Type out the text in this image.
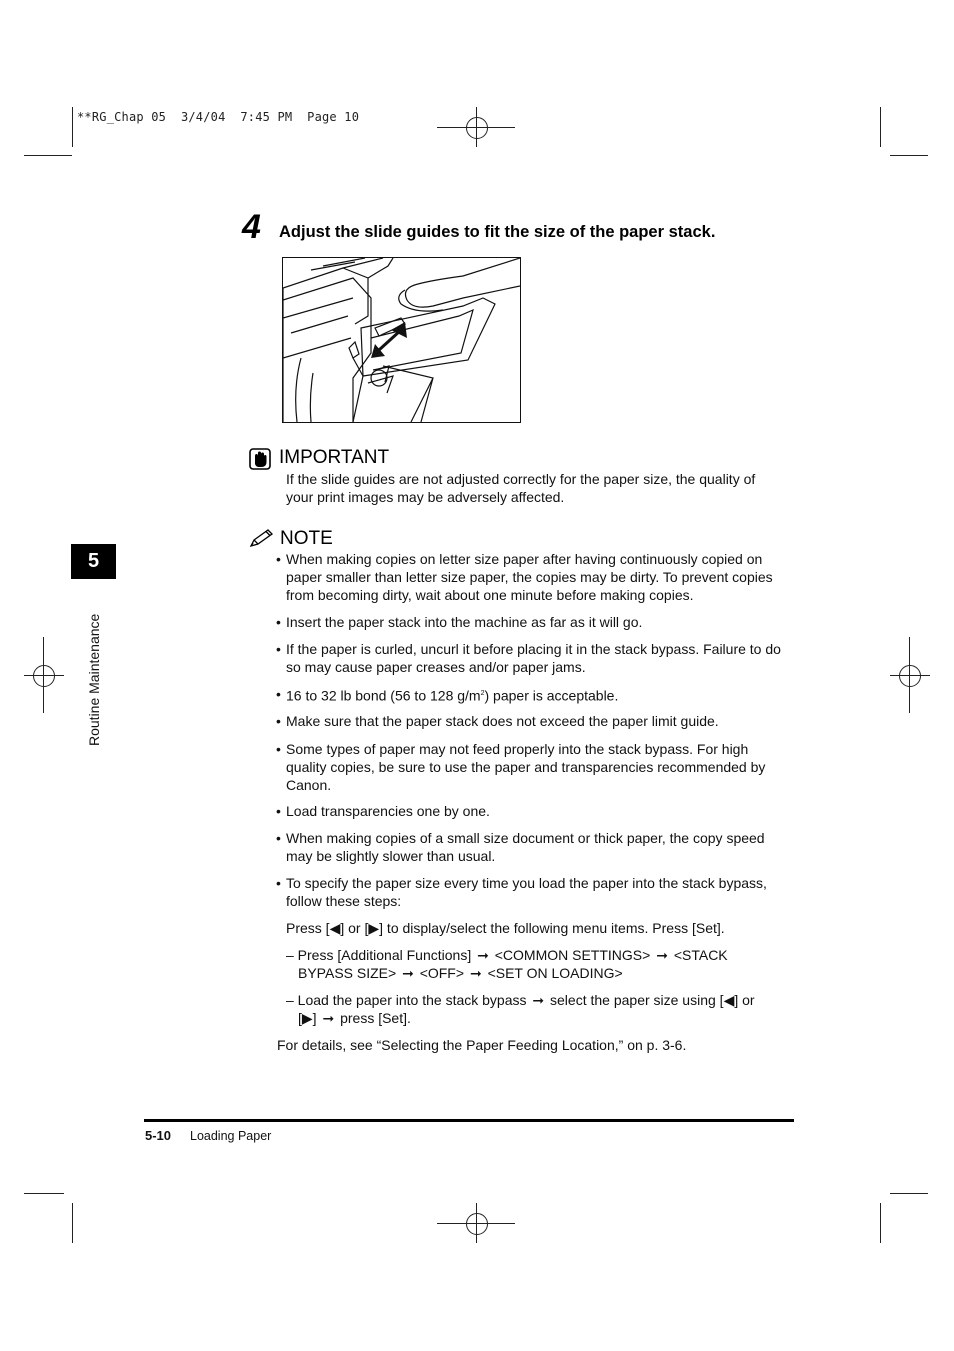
**RG_Chap 05  3/4/04  7:45 PM  Page 10
4 Adjust the slide guides to fit the size of the paper stack.
IMPORTANT
If the slide guides are not adjusted correctly for the paper size, the quality of
your print images may be adversely affected.
NOTE
• When making copies on letter size paper after having continuously copied on
paper smaller than letter size paper, the copies may be dirty. To prevent copies
from becoming dirty, wait about one minute before making copies.
• Insert the paper stack into the machine as far as it will go.
• If the paper is curled, uncurl it before placing it in the stack bypass. Failure to do
so may cause paper creases and/or paper jams.
• 16 to 32 lb bond (56 to 128 $g/m^2$) paper is acceptable.
• Make sure that the paper stack does not exceed the paper limit guide.
• Some types of paper may not feed properly into the stack bypass. For high
quality copies, be sure to use the paper and transparencies recommended by
Canon.
• Load transparencies one by one.
• When making copies of a small size document or thick paper, the copy speed
may be slightly slower than usual.
• To specify the paper size every time you load the paper into the stack bypass,
follow these steps:
Press [◀] or [▶] to display/select the following menu items. Press [Set].
– Press [Additional Functions] ➞ <COMMON SETTINGS> ➞ <STACK
BYPASS SIZE> ➞ <OFF> ➞ <SET ON LOADING>
– Load the paper into the stack bypass ➞ select the paper size using [◀] or
[▶] ➞ press [Set].
For details, see “Selecting the Paper Feeding Location,” on p. 3-6.
5
Routine Maintenance
5-10 Loading Paper
